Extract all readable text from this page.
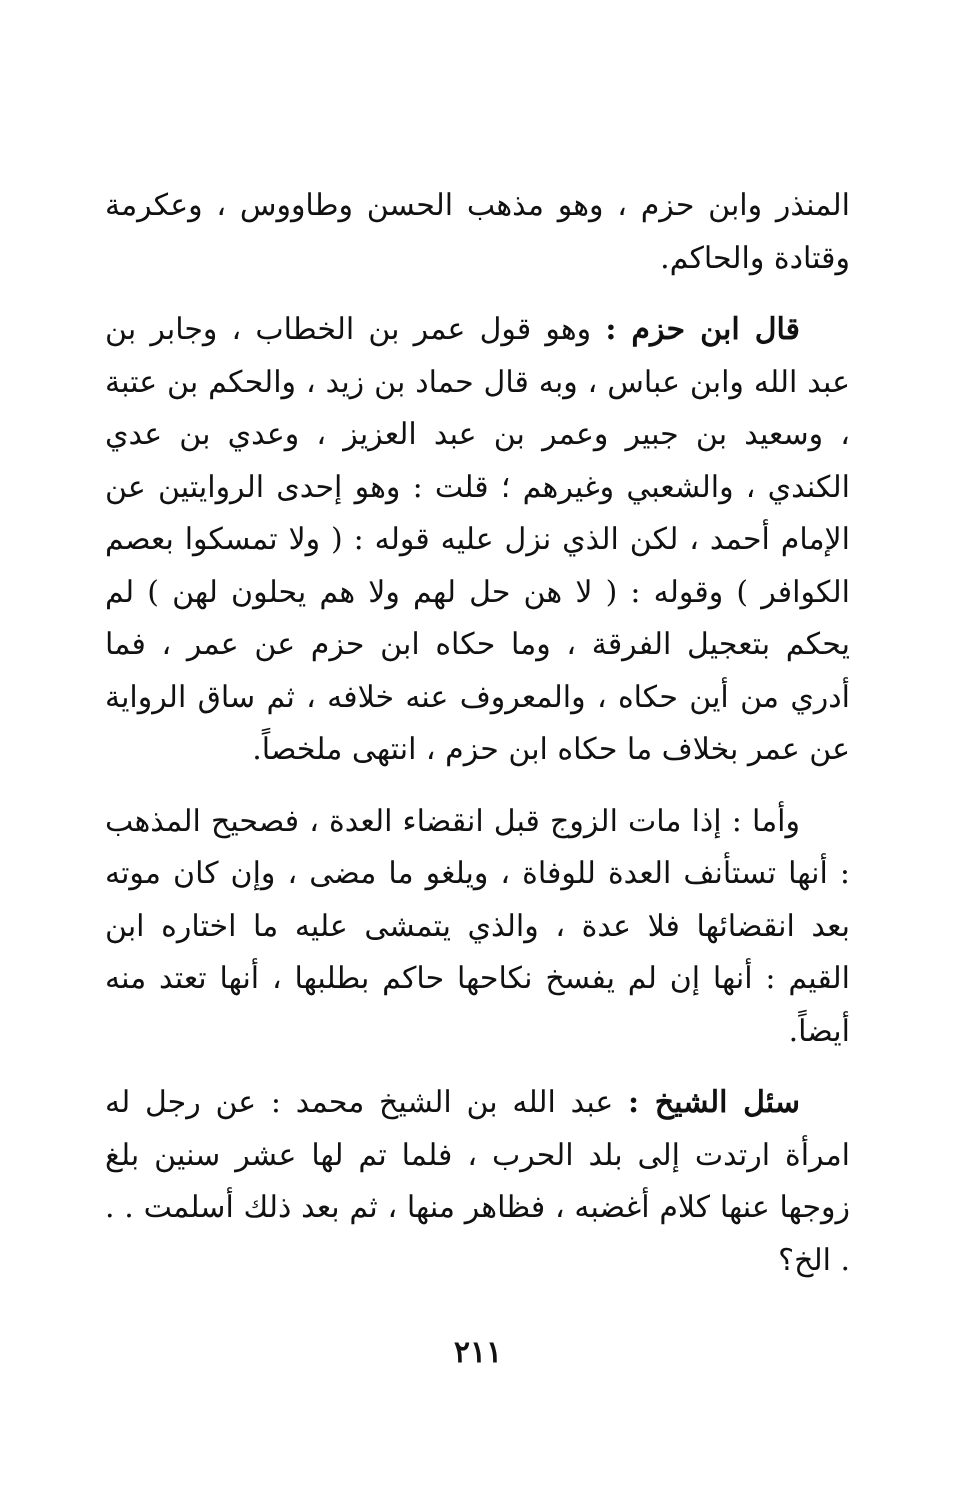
المنذر وابن حزم ، وهو مذهب الحسن وطاووس ، وعكرمة وقتادة والحاكم.

قال ابن حزم : وهو قول عمر بن الخطاب ، وجابر بن عبد الله وابن عباس ، وبه قال حماد بن زيد ، والحكم بن عتبة ، وسعيد بن جبير وعمر بن عبد العزيز ، وعدي بن عدي الكندي ، والشعبي وغيرهم ؛ قلت : وهو إحدى الروايتين عن الإمام أحمد ، لكن الذي نزل عليه قوله : ( ولا تمسكوا بعصم الكوافر ) وقوله : ( لا هن حل لهم ولا هم يحلون لهن ) لم يحكم بتعجيل الفرقة ، وما حكاه ابن حزم عن عمر ، فما أدري من أين حكاه ، والمعروف عنه خلافه ، ثم ساق الرواية عن عمر بخلاف ما حكاه ابن حزم ، انتهى ملخصاً.

وأما : إذا مات الزوج قبل انقضاء العدة ، فصحيح المذهب : أنها تستأنف العدة للوفاة ، ويلغو ما مضى ، وإن كان موته بعد انقضائها فلا عدة ، والذي يتمشى عليه ما اختاره ابن القيم : أنها إن لم يفسخ نكاحها حاكم بطلبها ، أنها تعتد منه أيضاً.

سئل الشيخ : عبد الله بن الشيخ محمد : عن رجل له امرأة ارتدت إلى بلد الحرب ، فلما تم لها عشر سنين بلغ زوجها عنها كلام أغضبه ، فظاهر منها ، ثم بعد ذلك أسلمت . . . الخ؟

٢١١
